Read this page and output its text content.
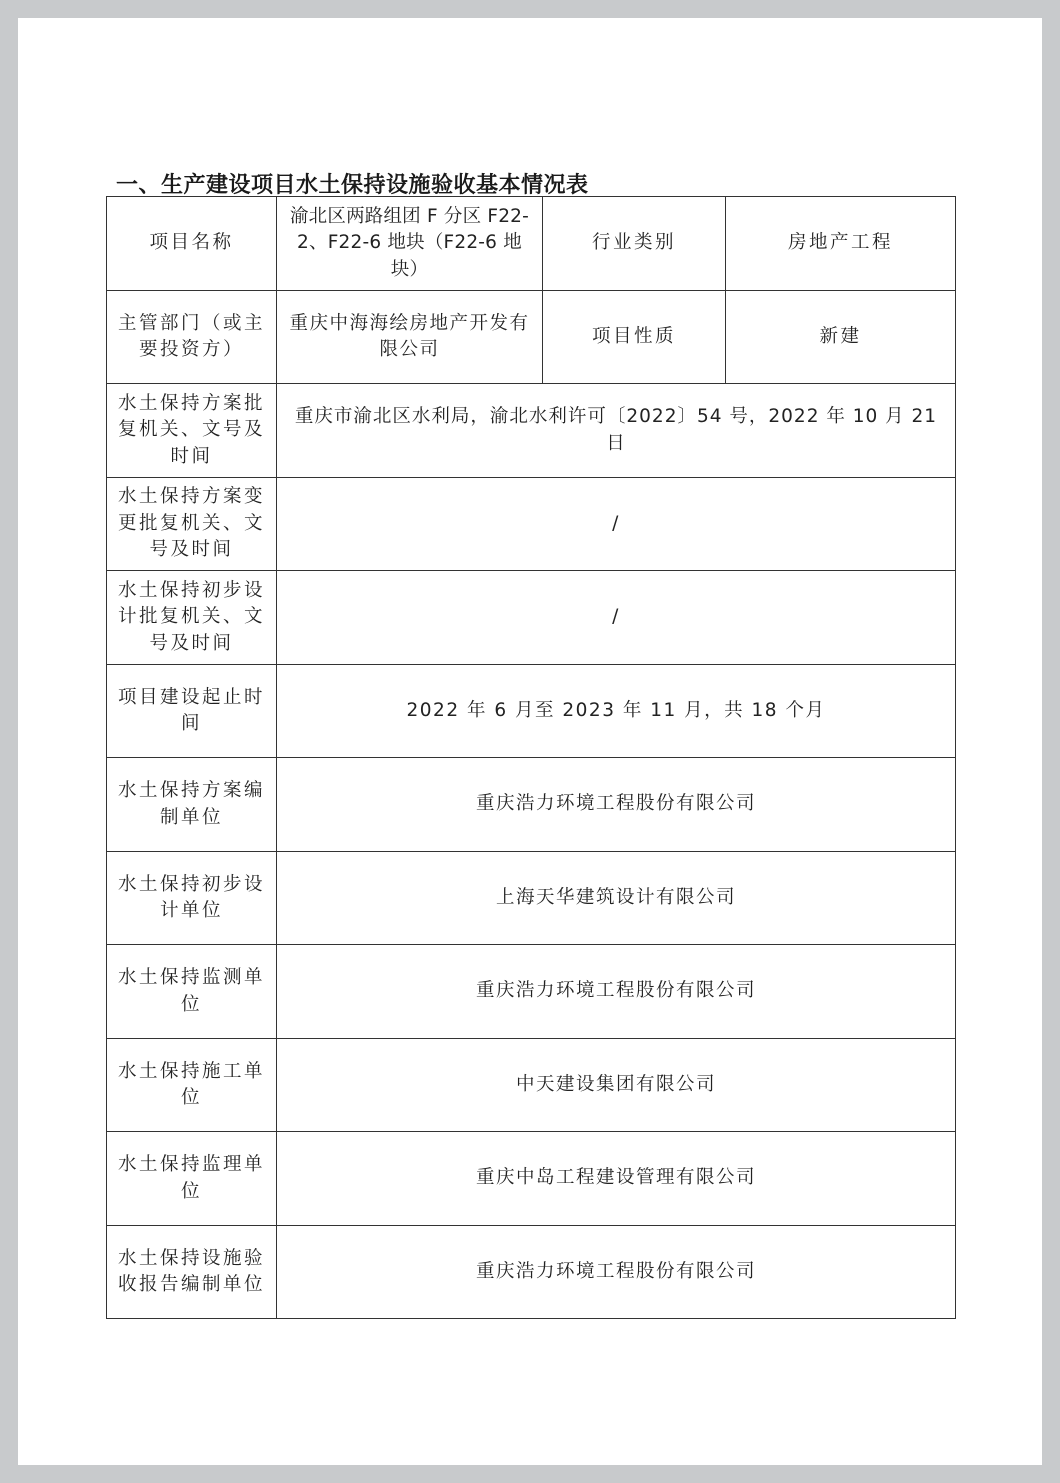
一、生产建设项目水土保持设施验收基本情况表
项目名称	渝北区两路组团 F 分区 F22-2、F22-6 地块（F22-6 地块）	行业类别	房地产工程
主管部门（或主要投资方）	重庆中海海绘房地产开发有限公司	项目性质	新建
水土保持方案批复机关、文号及时间	重庆市渝北区水利局，渝北水利许可〔2022〕54 号，2022 年 10 月 21 日		
水土保持方案变更批复机关、文号及时间	/		
水土保持初步设计批复机关、文号及时间	/		
项目建设起止时间	2022 年 6 月至 2023 年 11 月，共 18 个月		
水土保持方案编制单位	重庆浩力环境工程股份有限公司		
水土保持初步设计单位	上海天华建筑设计有限公司		
水土保持监测单位	重庆浩力环境工程股份有限公司		
水土保持施工单位	中天建设集团有限公司		
水土保持监理单位	重庆中岛工程建设管理有限公司		
水土保持设施验收报告编制单位	重庆浩力环境工程股份有限公司		
